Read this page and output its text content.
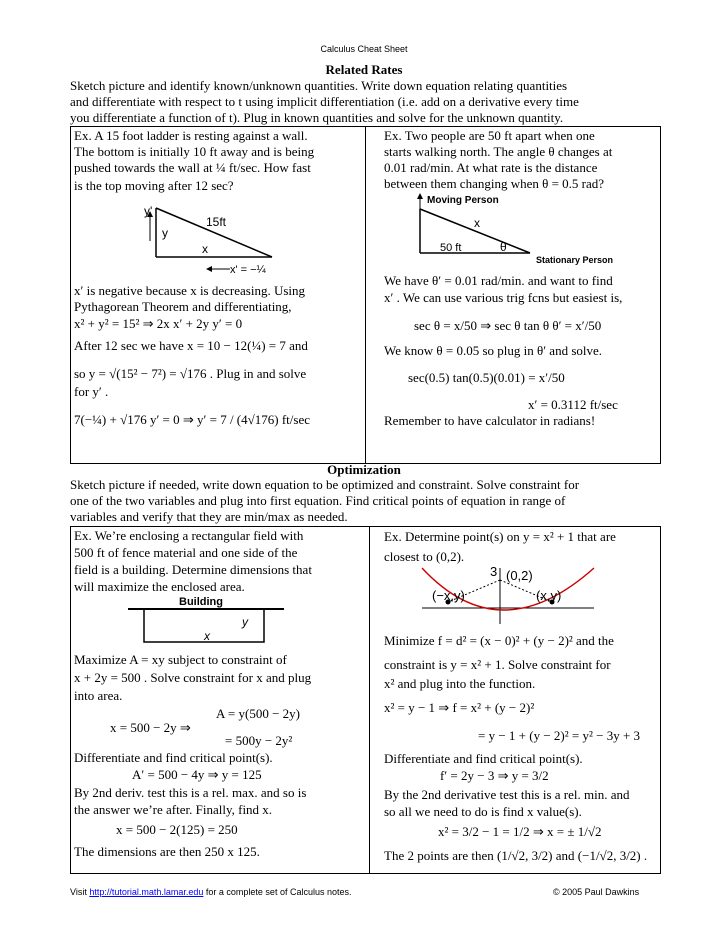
Calculus Cheat Sheet
Related Rates
Sketch picture and identify known/unknown quantities. Write down equation relating quantities
and differentiate with respect to t using implicit differentiation (i.e. add on a derivative every time
you differentiate a function of t). Plug in known quantities and solve for the unknown quantity.
Ex. A 15 foot ladder is resting against a wall.
The bottom is initially 10 ft away and is being
pushed towards the wall at ¼ ft/sec. How fast
is the top moving after 12 sec?
y'
y
15ft
x
x' = −¼
x′ is negative because x is decreasing. Using
Pythagorean Theorem and differentiating,
x² + y² = 15² ⇒ 2x x′ + 2y y′ = 0
After 12 sec we have x = 10 − 12(¼) = 7 and
so y = √(15² − 7²) = √176 . Plug in and solve
for y′ .
7(−¼) + √176 y′ = 0 ⇒ y′ = 7 / (4√176) ft/sec
Ex. Two people are 50 ft apart when one
starts walking north. The angle θ changes at
0.01 rad/min. At what rate is the distance
between them changing when θ = 0.5 rad?
Moving Person
x
50 ft	θ
Stationary Person
We have θ′ = 0.01 rad/min. and want to find
x′ . We can use various trig fcns but easiest is,
sec θ = x/50 ⇒ sec θ tan θ θ′ = x′/50
We know θ = 0.05 so plug in θ′ and solve.
sec(0.5) tan(0.5)(0.01) = x′/50
x′ = 0.3112 ft/sec
Remember to have calculator in radians!
Optimization
Sketch picture if needed, write down equation to be optimized and constraint. Solve constraint for
one of the two variables and plug into first equation. Find critical points of equation in range of
variables and verify that they are min/max as needed.
Ex. We’re enclosing a rectangular field with
500 ft of fence material and one side of the
field is a building. Determine dimensions that
will maximize the enclosed area.
Building
x
y
Maximize A = xy subject to constraint of
x + 2y = 500 . Solve constraint for x and plug
into area.
A = y(500 − 2y)
x = 500 − 2y ⇒
= 500y − 2y²
Differentiate and find critical point(s).
A′ = 500 − 4y ⇒ y = 125
By 2nd deriv. test this is a rel. max. and so is
the answer we’re after. Finally, find x.
x = 500 − 2(125) = 250
The dimensions are then 250 x 125.
Ex. Determine point(s) on y = x² + 1 that are
closest to (0,2).
3 (0,2)
(−x,y)	(x,y)
Minimize f = d² = (x − 0)² + (y − 2)² and the
constraint is y = x² + 1. Solve constraint for
x² and plug into the function.
x² = y − 1 ⇒ f = x² + (y − 2)²
= y − 1 + (y − 2)² = y² − 3y + 3
Differentiate and find critical point(s).
f′ = 2y − 3 ⇒ y = 3/2
By the 2nd derivative test this is a rel. min. and
so all we need to do is find x value(s).
x² = 3/2 − 1 = 1/2 ⇒ x = ± 1/√2
The 2 points are then (1/√2, 3/2) and (−1/√2, 3/2) .
Visit http://tutorial.math.lamar.edu for a complete set of Calculus notes.	© 2005 Paul Dawkins
